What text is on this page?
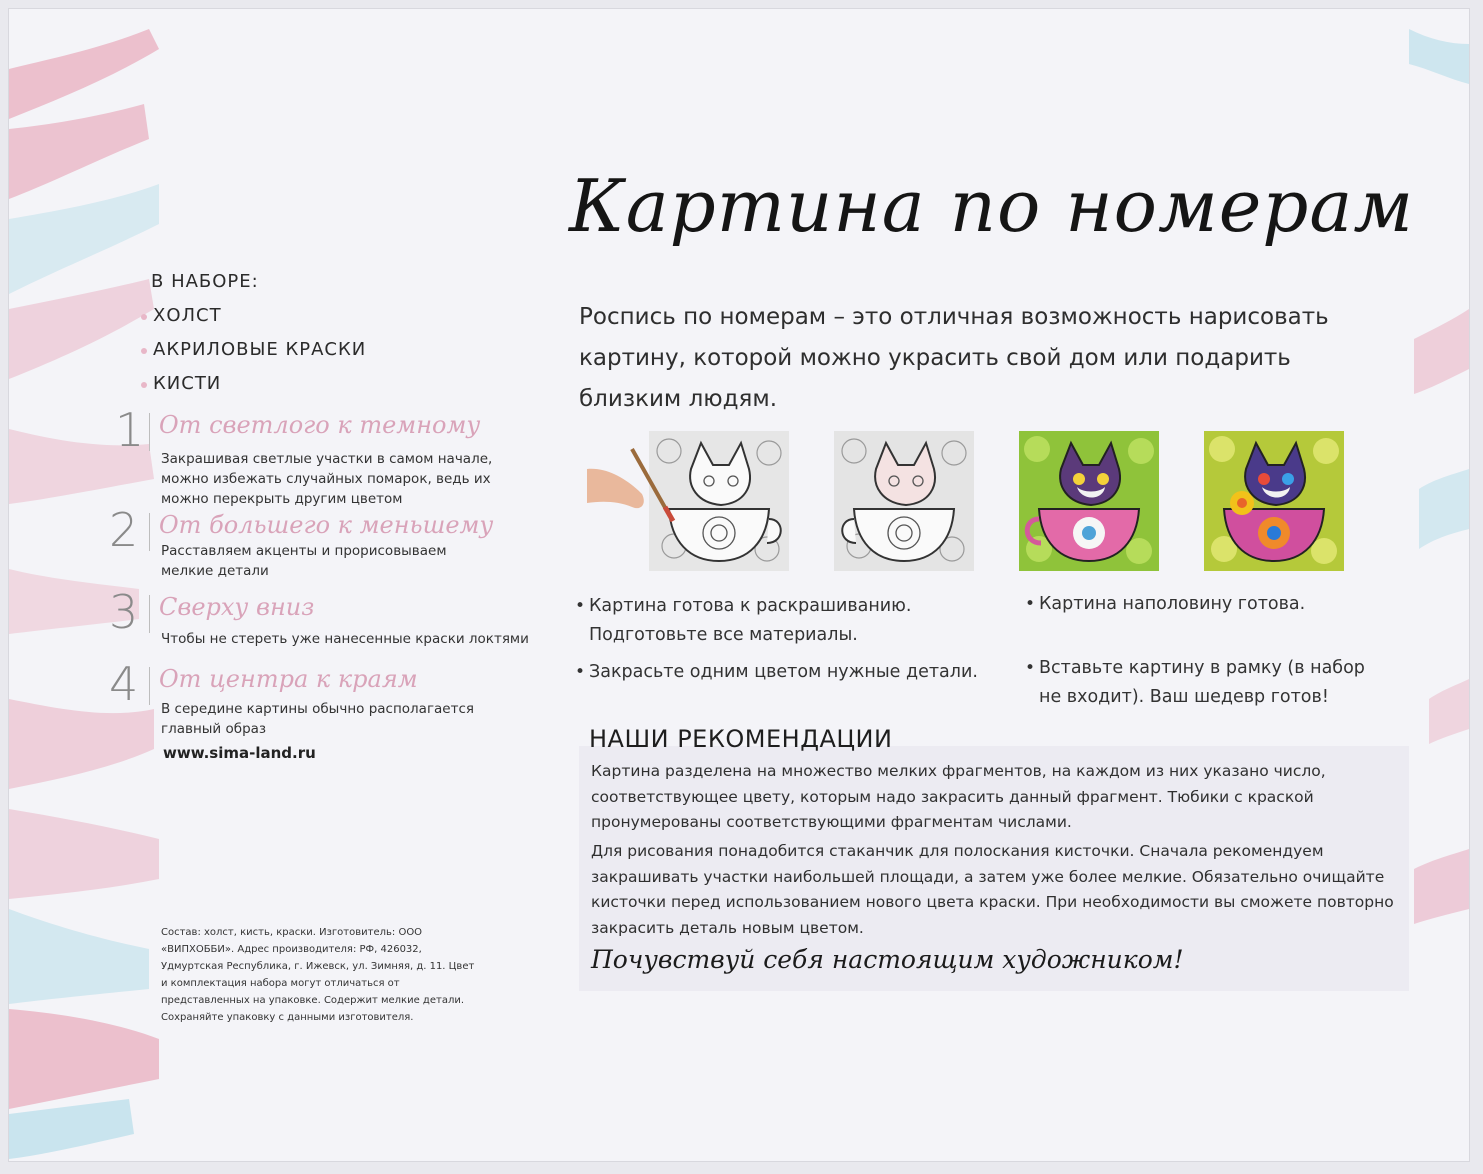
Картина по номерам
Роспись по номерам – это отличная возможность нарисовать картину, которой можно украсить свой дом или подарить близким людям.
В НАБОРЕ:
ХОЛСТ
АКРИЛОВЫЕ КРАСКИ
КИСТИ
1 От светлого к темному
Закрашивая светлые участки в самом начале, можно избежать случайных помарок, ведь их можно перекрыть другим цветом
2 От большего к меньшему
Расставляем акценты и прорисовываем мелкие детали
3 Сверху вниз
Чтобы не стереть уже нанесенные краски локтями
4 От центра к краям
В середине картины обычно располагается главный образ
www.sima-land.ru
Состав: холст, кисть, краски. Изготовитель: ООО «ВИПХОББИ». Адрес производителя: РФ, 426032, Удмуртская Республика, г. Ижевск, ул. Зимняя, д. 11. Цвет и комплектация набора могут отличаться от представленных на упаковке. Содержит мелкие детали. Сохраняйте упаковку с данными изготовителя.
• Картина готова к раскрашиванию. Подготовьте все материалы.
• Закрасьте одним цветом нужные детали.
• Картина наполовину готова.
• Вставьте картину в рамку (в набор не входит). Ваш шедевр готов!
НАШИ РЕКОМЕНДАЦИИ
Картина разделена на множество мелких фрагментов, на каждом из них указано число, соответствующее цвету, которым надо закрасить данный фрагмент. Тюбики с краской пронумерованы соответствующими фрагментам числами.
Для рисования понадобится стаканчик для полоскания кисточки. Сначала рекомендуем закрашивать участки наибольшей площади, а затем уже более мелкие. Обязательно очищайте кисточки перед использованием нового цвета краски. При необходимости вы сможете повторно закрасить деталь новым цветом.
Почувствуй себя настоящим художником!
